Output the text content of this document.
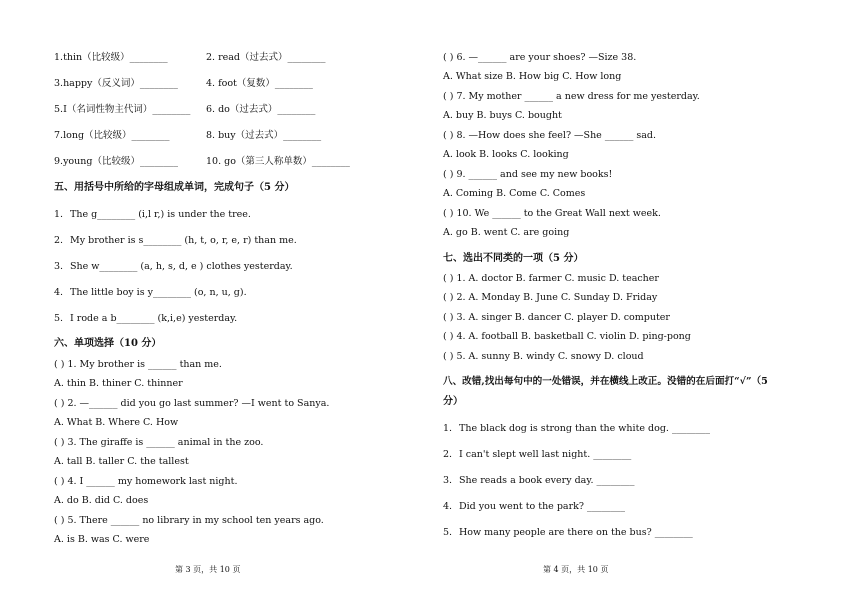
1.thin（比较级）________	2. read（过去式）________
3.happy（反义词）________	4. foot（复数）________
5.I（名词性物主代词）________ 6. do（过去式）________
7.long（比较级）________	8. buy（过去式）________
9.young（比较级）________	10. go（第三人称单数）________
五、用括号中所给的字母组成单词，完成句子（5 分）
1. The g________ (i,l r,) is under the tree.
2. My brother is s________ (h, t, o, r, e, r) than me.
3. She w________ (a, h, s, d, e ) clothes yesterday.
4. The little boy is y________ (o, n, u, g).
5. I rode a b________ (k,i,e) yesterday.
六、单项选择（10 分）
( ) 1. My brother is ______ than me.
A. thin B. thiner C. thinner
( ) 2. —______ did you go last summer? —I went to Sanya.
A. What B. Where C. How
( ) 3. The giraffe is ______ animal in the zoo.
A. tall B. taller C. the tallest
( ) 4. I ______ my homework last night.
A. do B. did C. does
( ) 5. There ______ no library in my school ten years ago.
A. is B. was C. were
第 3 页，共 10 页
( ) 6. —______ are your shoes? —Size 38.
A. What size B. How big C. How long
( ) 7. My mother ______ a new dress for me yesterday.
A. buy B. buys C. bought
( ) 8. —How does she feel? —She ______ sad.
A. look B. looks C. looking
( ) 9. ______ and see my new books!
A. Coming B. Come C. Comes
( ) 10. We ______ to the Great Wall next week.
A. go B. went C. are going
七、选出不同类的一项（5 分）
( ) 1. A. doctor B. farmer C. music D. teacher
( ) 2. A. Monday B. June C. Sunday D. Friday
( ) 3. A. singer B. dancer C. player D. computer
( ) 4. A. football B. basketball C. violin D. ping-pong
( ) 5. A. sunny B. windy C. snowy D. cloud
八、改错,找出每句中的一处错误，并在横线上改正。没错的在后面打“√”（5
分）
1. The black dog is strong than the white dog. ________
2. I can't slept well last night. ________
3. She reads a book every day. ________
4. Did you went to the park? ________
5. How many people are there on the bus? ________
第 4 页，共 10 页
